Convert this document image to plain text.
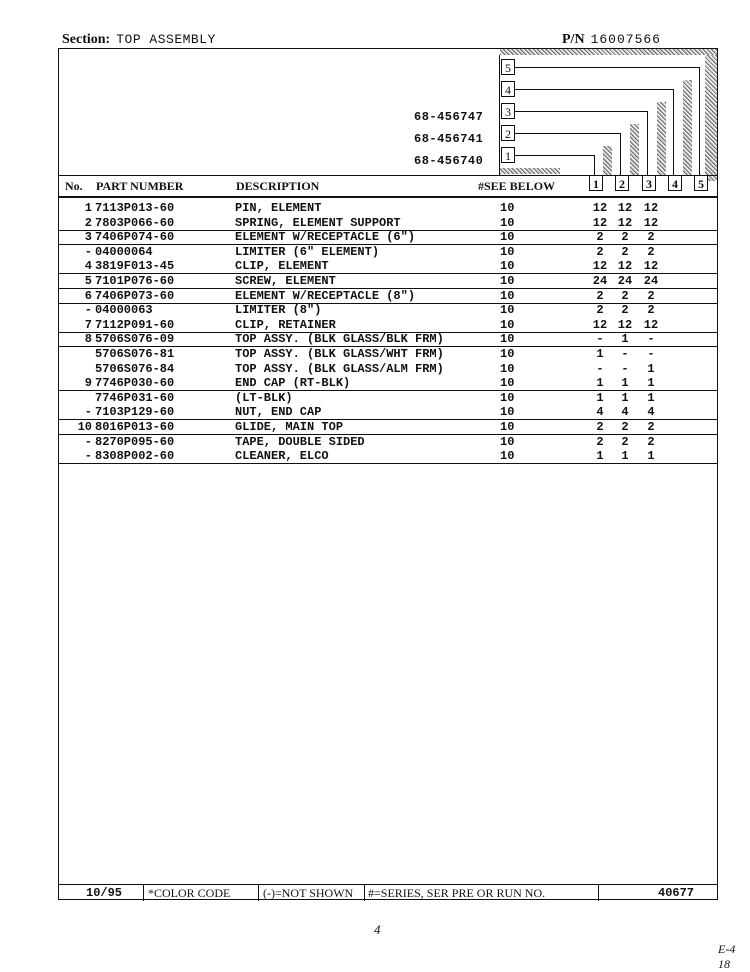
Section: TOP ASSEMBLY	P/N 16007566
5
4
3
2
1
68-456747
68-456741
68-456740
No. PART NUMBER	DESCRIPTION	#SEE BELOW	1	2	3	4	5
1 7113P013-60	PIN, ELEMENT	10	12 12 12
2 7803P066-60	SPRING, ELEMENT SUPPORT	10	12 12 12
3 7406P074-60	ELEMENT W/RECEPTACLE (6")	10	2	2	2
- 04000064	LIMITER (6" ELEMENT)	10	2	2	2
4 3819F013-45	CLIP, ELEMENT	10	12 12 12
5 7101P076-60	SCREW, ELEMENT	10	24 24 24
6 7406P073-60	ELEMENT W/RECEPTACLE (8")	10	2	2	2
- 04000063	LIMITER (8")	10	2	2	2
7 7112P091-60	CLIP, RETAINER	10	12 12 12
8 5706S076-09	TOP ASSY. (BLK GLASS/BLK FRM)	10	-	1	-
5706S076-81	TOP ASSY. (BLK GLASS/WHT FRM)	10	1	-	-
5706S076-84	TOP ASSY. (BLK GLASS/ALM FRM)	10	-	-	1
9 7746P030-60	END CAP (RT-BLK)	10	1	1	1
7746P031-60	(LT-BLK)	10	1	1	1
- 7103P129-60	NUT, END CAP	10	4	4	4
10 8016P013-60	GLIDE, MAIN TOP	10	2	2	2
- 8270P095-60	TAPE, DOUBLE SIDED	10	2	2	2
- 8308P002-60	CLEANER, ELCO	10	1	1	1
10/95 *COLOR CODE	(-)=NOT SHOWN #=SERIES, SER PRE OR RUN NO.	40677
4
E-4 18
